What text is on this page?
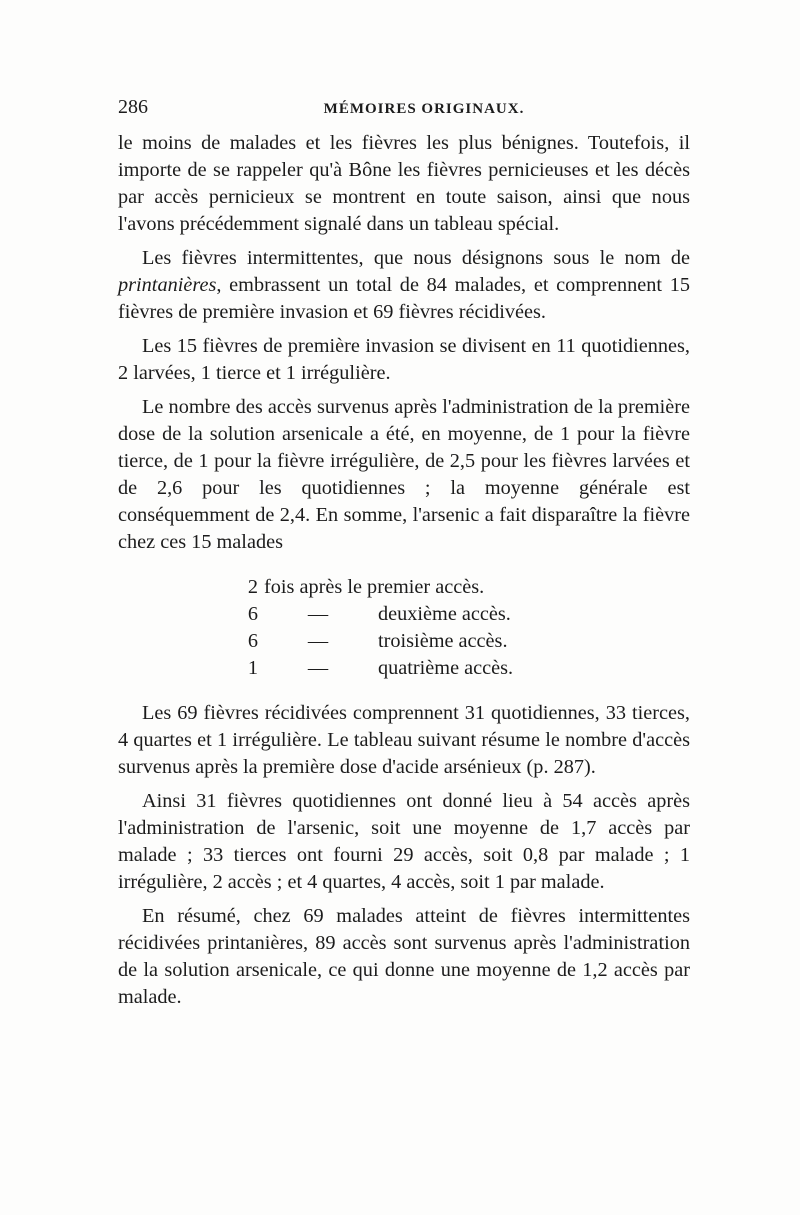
286	MÉMOIRES ORIGINAUX.

le moins de malades et les fièvres les plus bénignes. Toutefois, il importe de se rappeler qu'à Bône les fièvres pernicieuses et les décès par accès pernicieux se montrent en toute saison, ainsi que nous l'avons précédemment signalé dans un tableau spécial.

Les fièvres intermittentes, que nous désignons sous le nom de printanières, embrassent un total de 84 malades, et comprennent 15 fièvres de première invasion et 69 fièvres récidivées.

Les 15 fièvres de première invasion se divisent en 11 quotidiennes, 2 larvées, 1 tierce et 1 irrégulière.

Le nombre des accès survenus après l'administration de la première dose de la solution arsenicale a été, en moyenne, de 1 pour la fièvre tierce, de 1 pour la fièvre irrégulière, de 2,5 pour les fièvres larvées et de 2,6 pour les quotidiennes ; la moyenne générale est conséquemment de 2,4. En somme, l'arsenic a fait disparaître la fièvre chez ces 15 malades

2 fois après le premier accès.
6	—	deuxième accès.
6	—	troisième accès.
1	—	quatrième accès.

Les 69 fièvres récidivées comprennent 31 quotidiennes, 33 tierces, 4 quartes et 1 irrégulière. Le tableau suivant résume le nombre d'accès survenus après la première dose d'acide arsénieux (p. 287).

Ainsi 31 fièvres quotidiennes ont donné lieu à 54 accès après l'administration de l'arsenic, soit une moyenne de 1,7 accès par malade ; 33 tierces ont fourni 29 accès, soit 0,8 par malade ; 1 irrégulière, 2 accès ; et 4 quartes, 4 accès, soit 1 par malade.

En résumé, chez 69 malades atteint de fièvres intermittentes récidivées printanières, 89 accès sont survenus après l'administration de la solution arsenicale, ce qui donne une moyenne de 1,2 accès par malade.
